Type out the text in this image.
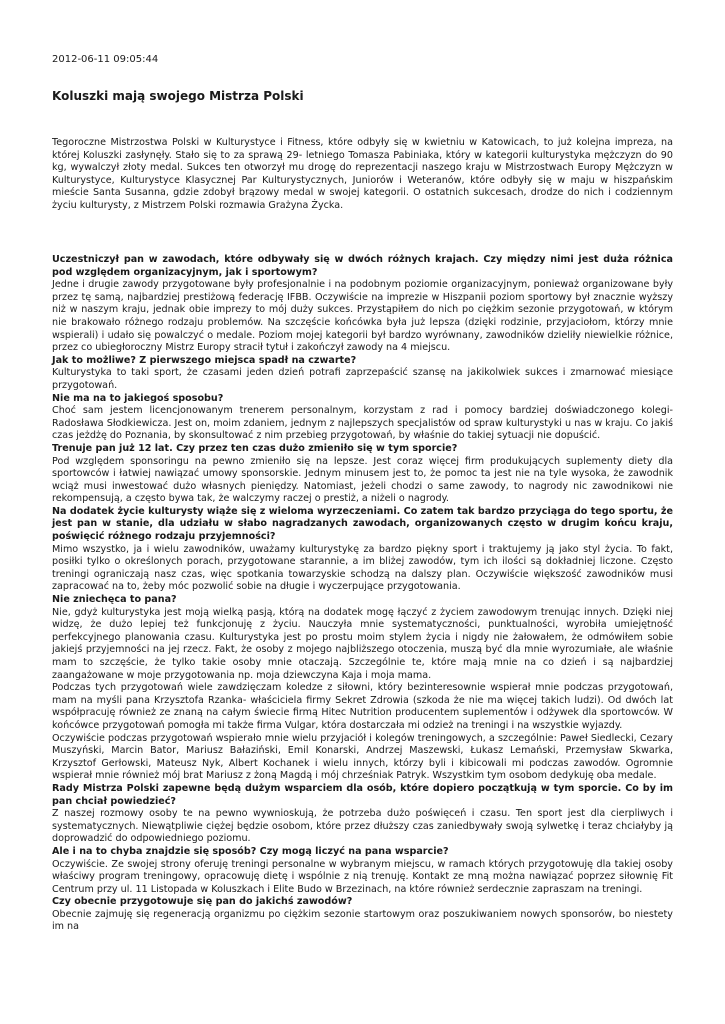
2012-06-11 09:05:44
Koluszki mają swojego Mistrza Polski

Tegoroczne Mistrzostwa Polski w Kulturystyce i Fitness, które odbyły się w kwietniu w Katowicach, to już kolejna impreza, na której Koluszki zasłynęły. Stało się to za sprawą 29- letniego Tomasza Pabiniaka, który w kategorii kulturystyka mężczyzn do 90 kg, wywalczył złoty medal. Sukces ten otworzył mu drogę do reprezentacji naszego kraju w Mistrzostwach Europy Mężczyzn w Kulturystyce, Kulturystyce Klasycznej Par Kulturystycznych, Juniorów i Weteranów, które odbyły się w maju w hiszpańskim mieście Santa Susanna, gdzie zdobył brązowy medal w swojej kategorii. O ostatnich sukcesach, drodze do nich i codziennym życiu kulturysty, z Mistrzem Polski rozmawia Grażyna Życka.

Uczestniczył pan w zawodach, które odbywały się w dwóch różnych krajach. Czy między nimi jest duża różnica pod względem organizacyjnym, jak i sportowym?

Jedne i drugie zawody przygotowane były profesjonalnie i na podobnym poziomie organizacyjnym, ponieważ organizowane były przez tę samą, najbardziej prestiżową federację IFBB. Oczywiście na imprezie w Hiszpanii poziom sportowy był znacznie wyższy niż w naszym kraju, jednak obie imprezy to mój duży sukces. Przystąpiłem do nich po ciężkim sezonie przygotowań, w którym nie brakowało różnego rodzaju problemów. Na szczęście końcówka była już lepsza (dzięki rodzinie, przyjaciołom, którzy mnie wspierali) i udało się powalczyć o medale. Poziom mojej kategorii był bardzo wyrównany, zawodników dzieliły niewielkie różnice, przez co ubiegłoroczny Mistrz Europy stracił tytuł i zakończył zawody na 4 miejscu.

Jak to możliwe? Z pierwszego miejsca spadł na czwarte?

Kulturystyka to taki sport, że czasami jeden dzień potrafi zaprzepaścić szansę na jakikolwiek sukces i zmarnować miesiące przygotowań.

Nie ma na to jakiegoś sposobu?

Choć sam jestem licencjonowanym trenerem personalnym, korzystam z rad i pomocy bardziej doświadczonego kolegi- Radosława Słodkiewicza. Jest on, moim zdaniem, jednym z najlepszych specjalistów od spraw kulturystyki u nas w kraju. Co jakiś czas jeżdżę do Poznania, by skonsultować z nim przebieg przygotowań, by właśnie do takiej sytuacji nie dopuścić.

Trenuje pan już 12 lat. Czy przez ten czas dużo zmieniło się w tym sporcie?

Pod względem sponsoringu na pewno zmieniło się na lepsze. Jest coraz więcej firm produkujących suplementy diety dla sportowców i łatwiej nawiązać umowy sponsorskie. Jednym minusem jest to, że pomoc ta jest nie na tyle wysoka, że zawodnik wciąż musi inwestować dużo własnych pieniędzy. Natomiast, jeżeli chodzi o same zawody, to nagrody nic zawodnikowi nie rekompensują, a często bywa tak, że walczymy raczej o prestiż, a niżeli o nagrody.

Na dodatek życie kulturysty wiąże się z wieloma wyrzeczeniami. Co zatem tak bardzo przyciąga do tego sportu, że jest pan w stanie, dla udziału w słabo nagradzanych zawodach, organizowanych często w drugim końcu kraju, poświęcić różnego rodzaju przyjemności?

Mimo wszystko, ja i wielu zawodników, uważamy kulturystykę za bardzo piękny sport i traktujemy ją jako styl życia. To fakt, posiłki tylko o określonych porach, przygotowane starannie, a im bliżej zawodów, tym ich ilości są dokładniej liczone. Często treningi ograniczają nasz czas, więc spotkania towarzyskie schodzą na dalszy plan. Oczywiście większość zawodników musi zapracować na to, żeby móc pozwolić sobie na długie i wyczerpujące przygotowania.

Nie zniechęca to pana?

Nie, gdyż kulturystyka jest moją wielką pasją, którą na dodatek mogę łączyć z życiem zawodowym trenując innych. Dzięki niej widzę, że dużo lepiej też funkcjonuję z życiu. Nauczyła mnie systematyczności, punktualności, wyrobiła umiejętność perfekcyjnego planowania czasu. Kulturystyka jest po prostu moim stylem życia i nigdy nie żałowałem, że odmówiłem sobie jakiejś przyjemności na jej rzecz. Fakt, że osoby z mojego najbliższego otoczenia, muszą być dla mnie wyrozumiałe, ale właśnie mam to szczęście, że tylko takie osoby mnie otaczają. Szczególnie te, które mają mnie na co dzień i są najbardziej zaangażowane w moje przygotowania np. moja dziewczyna Kaja i moja mama.

Podczas tych przygotowań wiele zawdzięczam koledze z siłowni, który bezinteresownie wspierał mnie podczas przygotowań, mam na myśli pana Krzysztofa Rzanka- właściciela firmy Sekret Zdrowia (szkoda że nie ma więcej takich ludzi). Od dwóch lat współpracuję również ze znaną na całym świecie firmą Hitec Nutrition producentem suplementów i odżywek dla sportowców. W końcówce przygotowań pomogła mi także firma Vulgar, która dostarczała mi odzież na treningi i na wszystkie wyjazdy.

Oczywiście podczas przygotowań wspierało mnie wielu przyjaciół i kolegów treningowych, a szczególnie: Paweł Siedlecki, Cezary Muszyński, Marcin Bator, Mariusz Bałaziński, Emil Konarski, Andrzej Maszewski, Łukasz Lemański, Przemysław Skwarka, Krzysztof Gerłowski, Mateusz Nyk, Albert Kochanek i wielu innych, którzy byli i kibicowali mi podczas zawodów. Ogromnie wspierał mnie również mój brat Mariusz z żoną Magdą i mój chrześniak Patryk. Wszystkim tym osobom dedykuję oba medale.

Rady Mistrza Polski zapewne będą dużym wsparciem dla osób, które dopiero początkują w tym sporcie. Co by im pan chciał powiedzieć?

Z naszej rozmowy osoby te na pewno wywnioskują, że potrzeba dużo poświęceń i czasu. Ten sport jest dla cierpliwych i systematycznych. Niewątpliwie ciężej będzie osobom, które przez dłuższy czas zaniedbywały swoją sylwetkę i teraz chciałyby ją doprowadzić do odpowiedniego poziomu.

Ale i na to chyba znajdzie się sposób? Czy mogą liczyć na pana wsparcie?

Oczywiście. Ze swojej strony oferuję treningi personalne w wybranym miejscu, w ramach których przygotowuję dla takiej osoby właściwy program treningowy, opracowuję dietę i wspólnie z nią trenuję. Kontakt ze mną można nawiązać poprzez siłownię Fit Centrum przy ul. 11 Listopada w Koluszkach i Elite Budo w Brzezinach, na które również serdecznie zapraszam na treningi.

Czy obecnie przygotowuje się pan do jakichś zawodów?

Obecnie zajmuję się regeneracją organizmu po ciężkim sezonie startowym oraz poszukiwaniem nowych sponsorów, bo niestety im na
